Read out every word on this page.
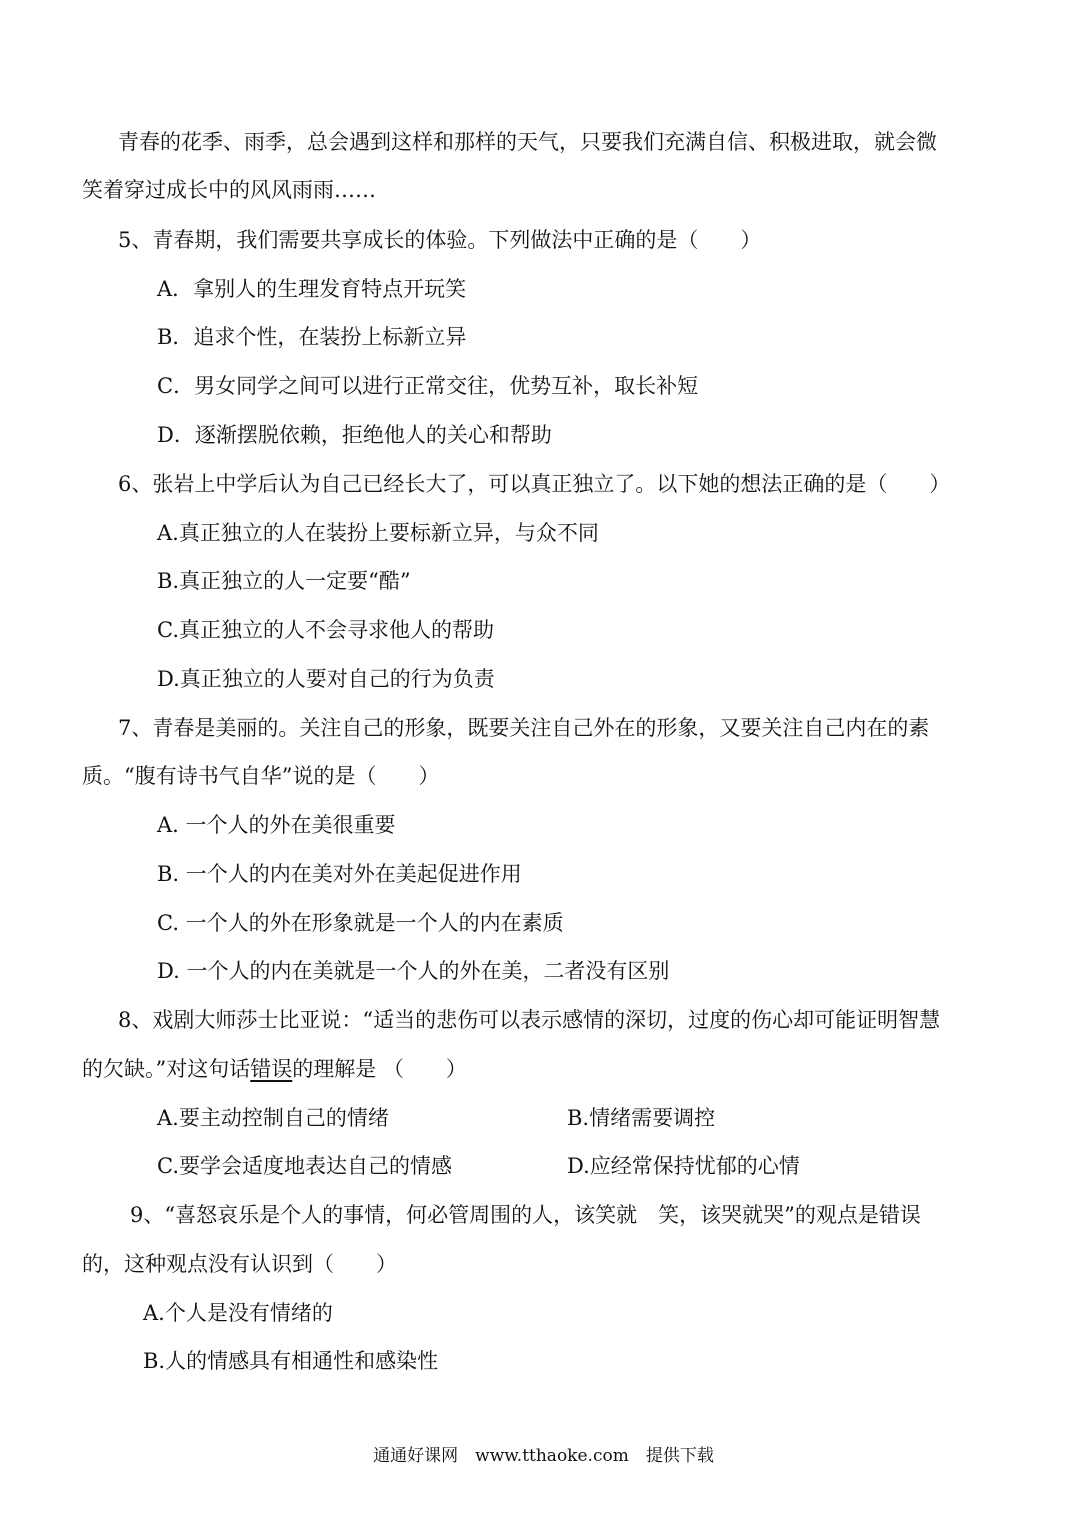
青春的花季、雨季，总会遇到这样和那样的天气，只要我们充满自信、积极进取，就会微
笑着穿过成长中的风风雨雨……
5、青春期，我们需要共享成长的体验。下列做法中正确的是（　　）
A．拿别人的生理发育特点开玩笑
B．追求个性，在装扮上标新立异
C．男女同学之间可以进行正常交往，优势互补，取长补短
D．逐渐摆脱依赖，拒绝他人的关心和帮助
6、张岩上中学后认为自己已经长大了，可以真正独立了。以下她的想法正确的是（　　）
A.真正独立的人在装扮上要标新立异，与众不同
B.真正独立的人一定要“酷”
C.真正独立的人不会寻求他人的帮助
D.真正独立的人要对自己的行为负责
7、青春是美丽的。关注自己的形象，既要关注自己外在的形象，又要关注自己内在的素
质。“腹有诗书气自华”说的是（　　）
A. 一个人的外在美很重要
B. 一个人的内在美对外在美起促进作用
C. 一个人的外在形象就是一个人的内在素质
D. 一个人的内在美就是一个人的外在美，二者没有区别
8、戏剧大师莎士比亚说：“适当的悲伤可以表示感情的深切，过度的伤心却可能证明智慧
的欠缺。”对这句话错误的理解是 （　　）
A.要主动控制自己的情绪	B.情绪需要调控
C.要学会适度地表达自己的情感	D.应经常保持忧郁的心情
9、“喜怒哀乐是个人的事情，何必管周围的人，该笑就　笑，该哭就哭”的观点是错误
的，这种观点没有认识到（　　）
A.个人是没有情绪的
B.人的情感具有相通性和感染性
通通好课网　www.tthaoke.com　提供下载
